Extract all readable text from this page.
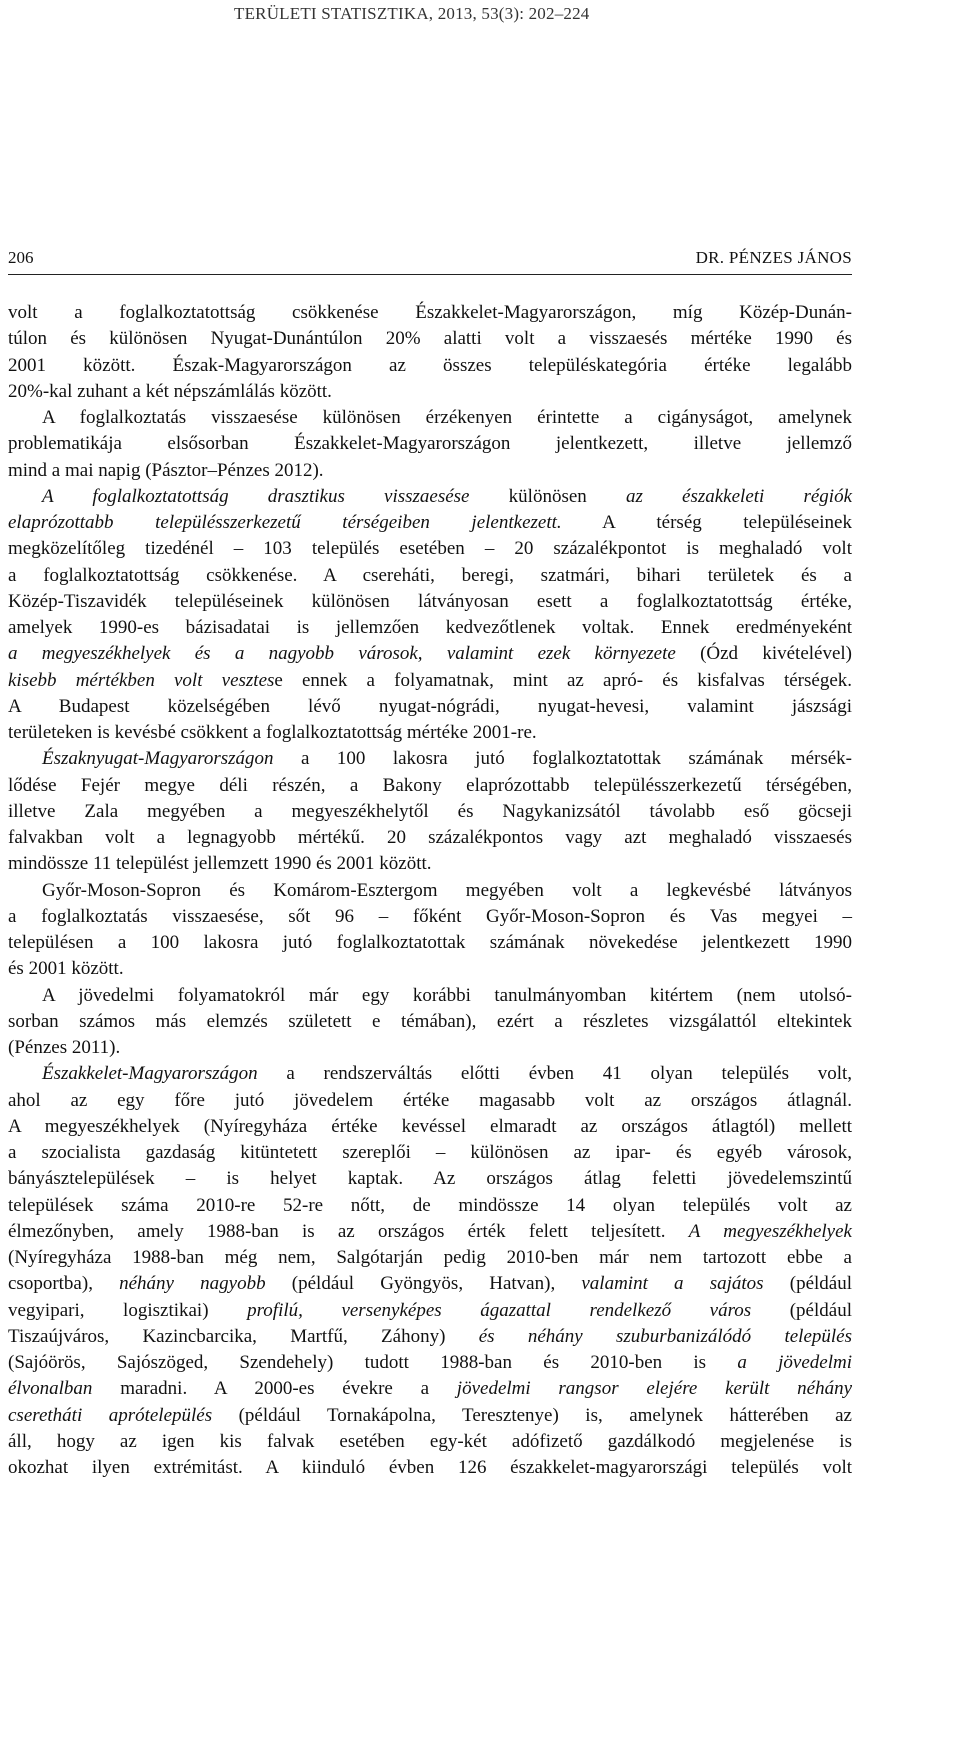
TERÜLETI STATISZTIKA, 2013, 53(3): 202–224
206	DR. PÉNZES JÁNOS
volt a foglalkoztatottság csökkenése Északkelet-Magyarországon, míg Közép-Dunán-
túlon és különösen Nyugat-Dunántúlon 20% alatti volt a visszaesés mértéke 1990 és
2001 között. Észak-Magyarországon az összes településkategória értéke legalább
20%-kal zuhant a két népszámlálás között.
A foglalkoztatás visszaesése különösen érzékenyen érintette a cigányságot, amelynek
problematikája elsősorban Északkelet-Magyarországon jelentkezett, illetve jellemző
mind a mai napig (Pásztor–Pénzes 2012).
A foglalkoztatottság drasztikus visszaesése különösen az északkeleti régiók
elaprózottabb településszerkezetű térségeiben jelentkezett. A térség településeinek
megközelítőleg tizedénél – 103 település esetében – 20 százalékpontot is meghaladó volt
a foglalkoztatottság csökkenése. A csereháti, beregi, szatmári, bihari területek és a
Közép-Tiszavidék településeinek különösen látványosan esett a foglalkoztatottság értéke,
amelyek 1990-es bázisadatai is jellemzően kedvezőtlenek voltak. Ennek eredményeként
a megyeszékhelyek és a nagyobb városok, valamint ezek környezete (Ózd kivételével)
kisebb mértékben volt vesztese ennek a folyamatnak, mint az apró- és kisfalvas térségek.
A Budapest közelségében lévő nyugat-nógrádi, nyugat-hevesi, valamint jászsági
területeken is kevésbé csökkent a foglalkoztatottság mértéke 2001-re.
Északnyugat-Magyarországon a 100 lakosra jutó foglalkoztatottak számának mérsék-
lődése Fejér megye déli részén, a Bakony elaprózottabb településszerkezetű térségében,
illetve Zala megyében a megyeszékhelytől és Nagykanizsától távolabb eső göcseji
falvakban volt a legnagyobb mértékű. 20 százalékpontos vagy azt meghaladó visszaesés
mindössze 11 települést jellemzett 1990 és 2001 között.
Győr-Moson-Sopron és Komárom-Esztergom megyében volt a legkevésbé látványos
a foglalkoztatás visszaesése, sőt 96 – főként Győr-Moson-Sopron és Vas megyei –
településen a 100 lakosra jutó foglalkoztatottak számának növekedése jelentkezett 1990
és 2001 között.
A jövedelmi folyamatokról már egy korábbi tanulmányomban kitértem (nem utolsó-
sorban számos más elemzés született e témában), ezért a részletes vizsgálattól eltekintek
(Pénzes 2011).
Északkelet-Magyarországon a rendszerváltás előtti évben 41 olyan település volt,
ahol az egy főre jutó jövedelem értéke magasabb volt az országos átlagnál.
A megyeszékhelyek (Nyíregyháza értéke kevéssel elmaradt az országos átlagtól) mellett
a szocialista gazdaság kitüntetett szereplői – különösen az ipar- és egyéb városok,
bányásztelepülések – is helyet kaptak. Az országos átlag feletti jövedelemszintű
települések száma 2010-re 52-re nőtt, de mindössze 14 olyan település volt az
élmezőnyben, amely 1988-ban is az országos érték felett teljesített. A megyeszékhelyek
(Nyíregyháza 1988-ban még nem, Salgótarján pedig 2010-ben már nem tartozott ebbe a
csoportba), néhány nagyobb (például Gyöngyös, Hatvan), valamint a sajátos (például
vegyipari, logisztikai) profilú, versenyképes ágazattal rendelkező város (például
Tiszaújváros, Kazincbarcika, Martfű, Záhony) és néhány szuburbanizálódó település
(Sajóörös, Sajószöged, Szendehely) tudott 1988-ban és 2010-ben is a jövedelmi
élvonalban maradni. A 2000-es évekre a jövedelmi rangsor elejére került néhány
cseretháti aprótelepülés (például Tornakápolna, Teresztenye) is, amelynek hátterében az
áll, hogy az igen kis falvak esetében egy-két adófizető gazdálkodó megjelenése is
okozhat ilyen extrémitást. A kiinduló évben 126 északkelet-magyarországi település volt
